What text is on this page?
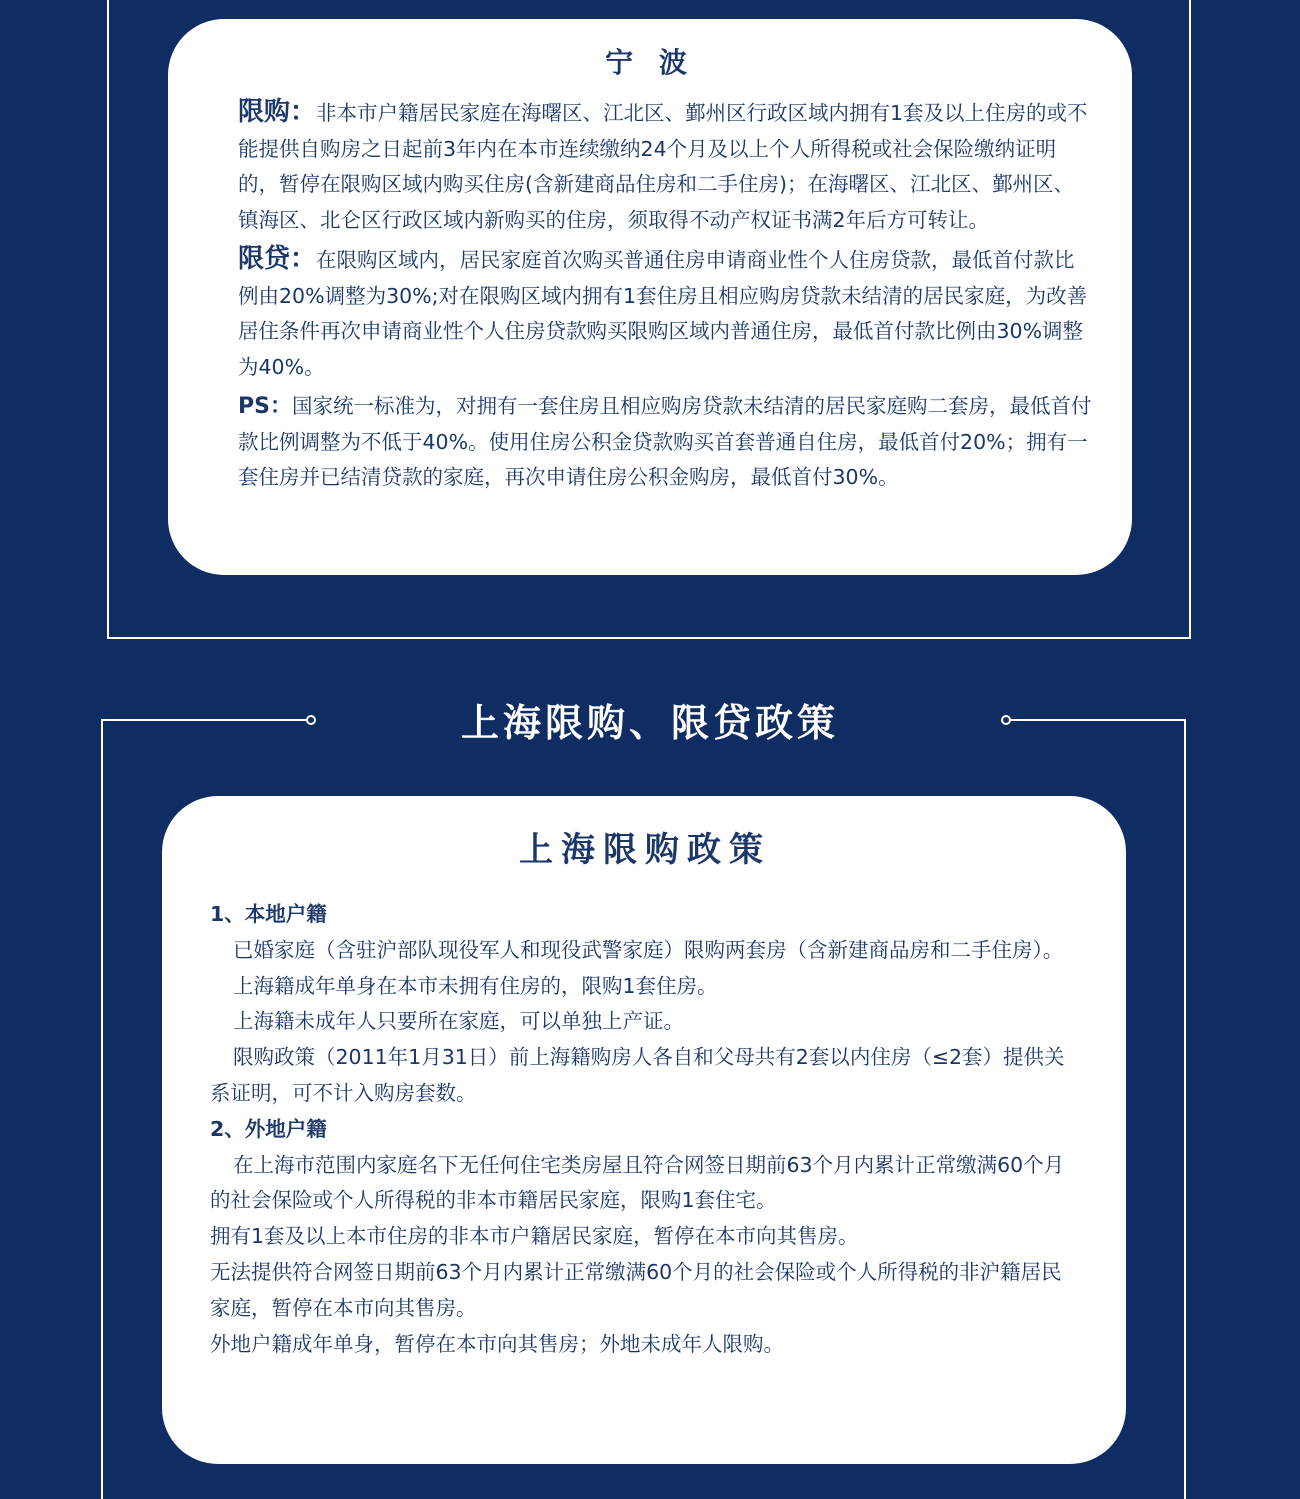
宁 波

限购：非本市户籍居民家庭在海曙区、江北区、鄞州区行政区域内拥有1套及以上住房的或不能提供自购房之日起前3年内在本市连续缴纳24个月及以上个人所得税或社会保险缴纳证明的，暂停在限购区域内购买住房(含新建商品住房和二手住房)；在海曙区、江北区、鄞州区、镇海区、北仑区行政区域内新购买的住房，须取得不动产权证书满2年后方可转让。

限贷：在限购区域内，居民家庭首次购买普通住房申请商业性个人住房贷款，最低首付款比例由20%调整为30%;对在限购区域内拥有1套住房且相应购房贷款未结清的居民家庭，为改善居住条件再次申请商业性个人住房贷款购买限购区域内普通住房，最低首付款比例由30%调整为40%。

PS：国家统一标准为，对拥有一套住房且相应购房贷款未结清的居民家庭购二套房，最低首付款比例调整为不低于40%。使用住房公积金贷款购买首套普通自住房，最低首付20%；拥有一套住房并已结清贷款的家庭，再次申请住房公积金购房，最低首付30%。

上海限购、限贷政策
上海限购政策

1、本地户籍

已婚家庭（含驻沪部队现役军人和现役武警家庭）限购两套房（含新建商品房和二手住房）。

上海籍成年单身在本市未拥有住房的，限购1套住房。

上海籍未成年人只要所在家庭，可以单独上产证。

限购政策（2011年1月31日）前上海籍购房人各自和父母共有2套以内住房（≤2套）提供关系证明，可不计入购房套数。

2、外地户籍

在上海市范围内家庭名下无任何住宅类房屋且符合网签日期前63个月内累计正常缴满60个月的社会保险或个人所得税的非本市籍居民家庭，限购1套住宅。

拥有1套及以上本市住房的非本市户籍居民家庭，暂停在本市向其售房。

无法提供符合网签日期前63个月内累计正常缴满60个月的社会保险或个人所得税的非沪籍居民家庭，暂停在本市向其售房。

外地户籍成年单身，暂停在本市向其售房；外地未成年人限购。
